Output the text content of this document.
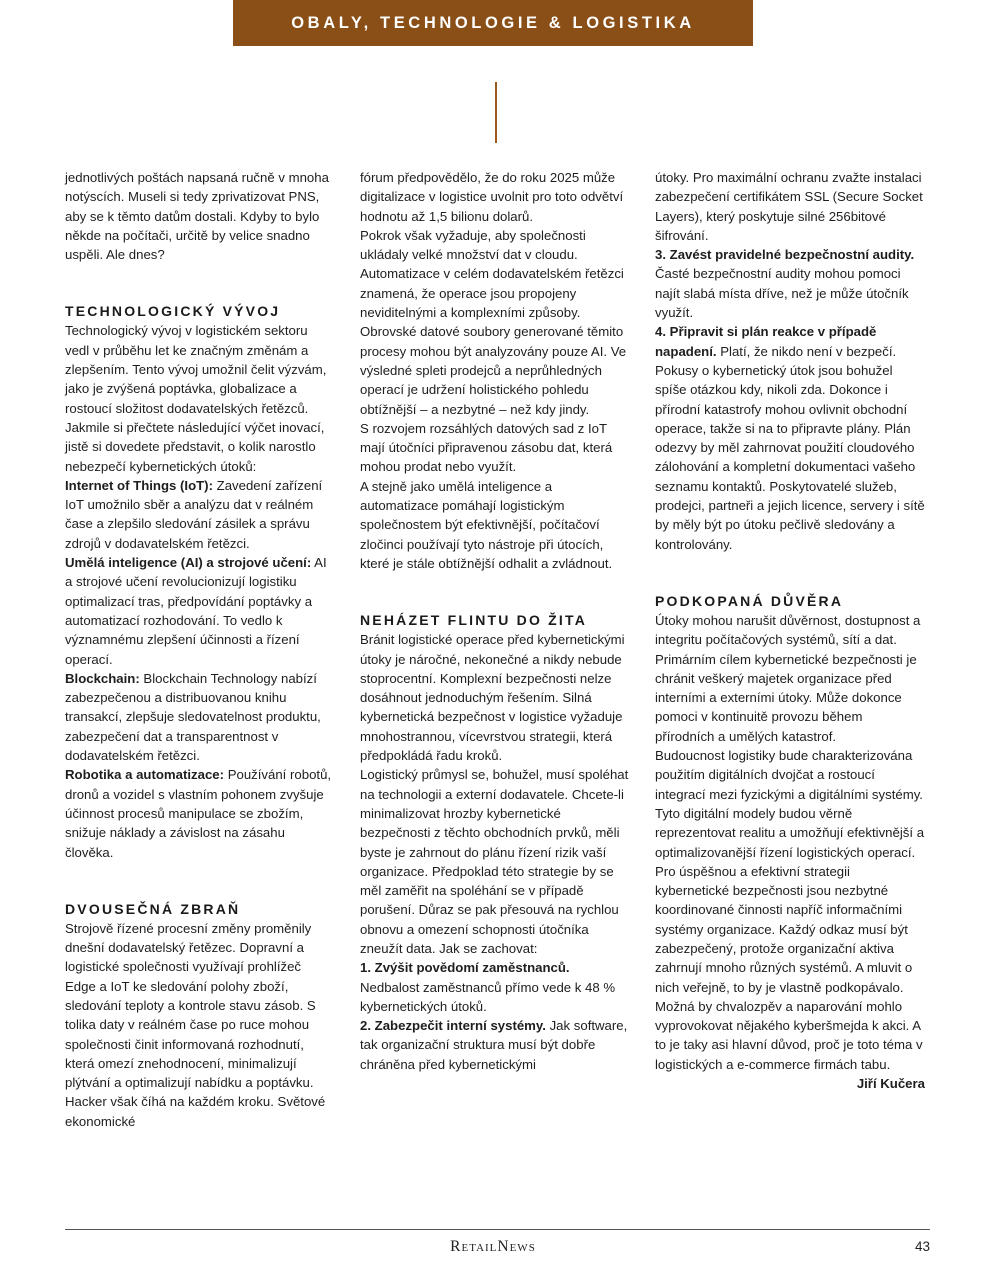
OBALY, TECHNOLOGIE & LOGISTIKA

jednotlivých poštách napsaná ručně v mnoha notýscích. Museli si tedy zprivatizovat PNS, aby se k těmto datům dostali. Kdyby to bylo někde na počítači, určitě by velice snadno uspěli. Ale dnes?

TECHNOLOGICKÝ VÝVOJ

Technologický vývoj v logistickém sektoru vedl v průběhu let ke značným změnám a zlepšením. Tento vývoj umožnil čelit výzvám, jako je zvýšená poptávka, globalizace a rostoucí složitost dodavatelských řetězců. Jakmile si přečtete následující výčet inovací, jistě si dovedete představit, o kolik narostlo nebezpečí kybernetických útoků:

Internet of Things (IoT): Zavedení zařízení IoT umožnilo sběr a analýzu dat v reálném čase a zlepšilo sledování zásilek a správu zdrojů v dodavatelském řetězci.

Umělá inteligence (AI) a strojové učení: AI a strojové učení revolucionizují logistiku optimalizací tras, předpovídání poptávky a automatizací rozhodování. To vedlo k významnému zlepšení účinnosti a řízení operací.

Blockchain: Blockchain Technology nabízí zabezpečenou a distribuovanou knihu transakcí, zlepšuje sledovatelnost produktu, zabezpečení dat a transparentnost v dodavatelském řetězci.

Robotika a automatizace: Používání robotů, dronů a vozidel s vlastním pohonem zvyšuje účinnost procesů manipulace se zbožím, snižuje náklady a závislost na zásahu člověka.

DVOUSEČNÁ ZBRAŇ

Strojově řízené procesní změny proměnily dnešní dodavatelský řetězec. Dopravní a logistické společnosti využívají prohlížeč Edge a IoT ke sledování polohy zboží, sledování teploty a kontrole stavu zásob. S tolika daty v reálném čase po ruce mohou společnosti činit informovaná rozhodnutí, která omezí znehodnocení, minimalizují plýtvání a optimalizují nabídku a poptávku. Hacker však číhá na každém kroku. Světové ekonomické

fórum předpovědělo, že do roku 2025 může digitalizace v logistice uvolnit pro toto odvětví hodnotu až 1,5 bilionu dolarů.

Pokrok však vyžaduje, aby společnosti ukládaly velké množství dat v cloudu. Automatizace v celém dodavatelském řetězci znamená, že operace jsou propojeny neviditelnými a komplexními způsoby. Obrovské datové soubory generované těmito procesy mohou být analyzovány pouze AI. Ve výsledné spleti prodejců a neprůhledných operací je udržení holistického pohledu obtížnější – a nezbytné – než kdy jindy.

S rozvojem rozsáhlých datových sad z IoT mají útočníci připravenou zásobu dat, která mohou prodat nebo využít.

A stejně jako umělá inteligence a automatizace pomáhají logistickým společnostem být efektivnější, počítačoví zločinci používají tyto nástroje při útocích, které je stále obtížnější odhalit a zvládnout.

NEHÁZET FLINTU DO ŽITA

Bránit logistické operace před kybernetickými útoky je náročné, nekonečné a nikdy nebude stoprocentní. Komplexní bezpečnosti nelze dosáhnout jednoduchým řešením. Silná kybernetická bezpečnost v logistice vyžaduje mnohostrannou, vícevrstvou strategii, která předpokládá řadu kroků.

Logistický průmysl se, bohužel, musí spoléhat na technologii a externí dodavatele. Chcete-li minimalizovat hrozby kybernetické bezpečnosti z těchto obchodních prvků, měli byste je zahrnout do plánu řízení rizik vaší organizace. Předpoklad této strategie by se měl zaměřit na spoléhání se v případě porušení. Důraz se pak přesouvá na rychlou obnovu a omezení schopnosti útočníka zneužít data. Jak se zachovat:

1. Zvýšit povědomí zaměstnanců. Nedbalost zaměstnanců přímo vede k 48 % kybernetických útoků.

2. Zabezpečit interní systémy. Jak software, tak organizační struktura musí být dobře chráněna před kybernetickými

útoky. Pro maximální ochranu zvažte instalaci zabezpečení certifikátem SSL (Secure Socket Layers), který poskytuje silné 256bitové šifrování.

3. Zavést pravidelné bezpečnostní audity. Časté bezpečnostní audity mohou pomoci najít slabá místa dříve, než je může útočník využít.

4. Připravit si plán reakce v případě napadení. Platí, že nikdo není v bezpečí. Pokusy o kybernetický útok jsou bohužel spíše otázkou kdy, nikoli zda. Dokonce i přírodní katastrofy mohou ovlivnit obchodní operace, takže si na to připravte plány. Plán odezvy by měl zahrnovat použití cloudového zálohování a kompletní dokumentaci vašeho seznamu kontaktů. Poskytovatelé služeb, prodejci, partneři a jejich licence, servery i sítě by měly být po útoku pečlivě sledovány a kontrolovány.

PODKOPANÁ DŮVĚRA

Útoky mohou narušit důvěrnost, dostupnost a integritu počítačových systémů, sítí a dat. Primárním cílem kybernetické bezpečnosti je chránit veškerý majetek organizace před interními a externími útoky. Může dokonce pomoci v kontinuitě provozu během přírodních a umělých katastrof.

Budoucnost logistiky bude charakterizována použitím digitálních dvojčat a rostoucí integrací mezi fyzickými a digitálními systémy. Tyto digitální modely budou věrně reprezentovat realitu a umožňují efektivnější a optimalizovanější řízení logistických operací.

Pro úspěšnou a efektivní strategii kybernetické bezpečnosti jsou nezbytné koordinované činnosti napříč informačními systémy organizace. Každý odkaz musí být zabezpečený, protože organizační aktiva zahrnují mnoho různých systémů. A mluvit o nich veřejně, to by je vlastně podkopávalo. Možná by chvalozpěv a naparování mohlo vyprovokovat nějakého kyberšmejda k akci. A to je taky asi hlavní důvod, proč je toto téma v logistických a e-commerce firmách tabu.

Jiří Kučera

RetailNews	43
